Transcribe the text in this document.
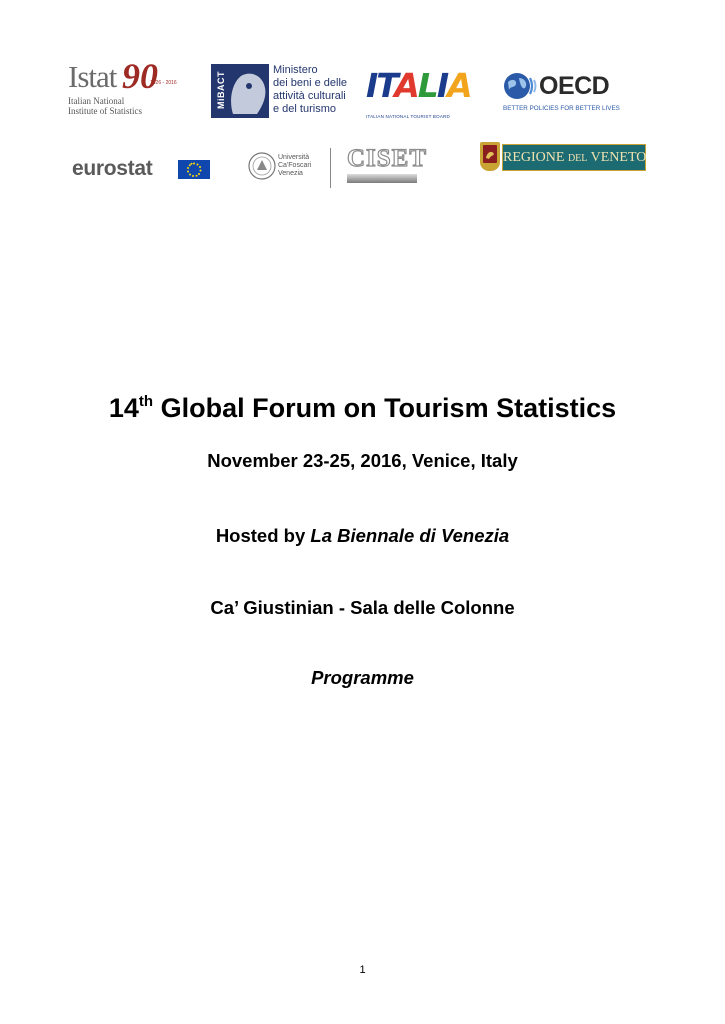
Istat 90
1926 - 2016
Italian National
Institute of Statistics
MiBACT
Ministero
dei beni e delle
attività culturali
e del turismo
ITALIA
ITALIAN NATIONAL TOURIST BOARD
OECD
BETTER POLICIES FOR BETTER LIVES
eurostat	Università
Ca'Foscari
Venezia
CISET	REGIONE DEL VENETO
14th Global Forum on Tourism Statistics
November 23-25, 2016, Venice, Italy
Hosted by La Biennale di Venezia
Ca’ Giustinian - Sala delle Colonne
Programme
1
